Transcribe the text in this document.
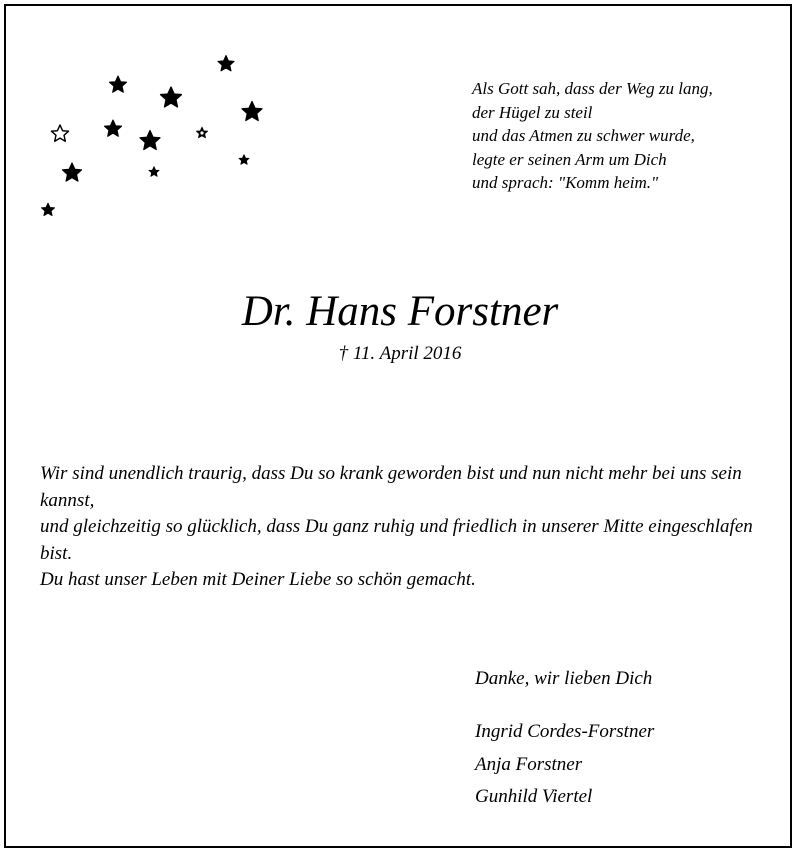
Als Gott sah, dass der Weg zu lang,
der Hügel zu steil
und das Atmen zu schwer wurde,
legte er seinen Arm um Dich
und sprach: "Komm heim."
Dr. Hans Forstner
† 11. April 2016
Wir sind unendlich traurig, dass Du so krank geworden bist und nun nicht mehr bei uns sein kannst,
und gleichzeitig so glücklich, dass Du ganz ruhig und friedlich in unserer Mitte eingeschlafen bist.
Du hast unser Leben mit Deiner Liebe so schön gemacht.
Danke, wir lieben Dich
Ingrid Cordes-Forstner
Anja Forstner
Gunhild Viertel
